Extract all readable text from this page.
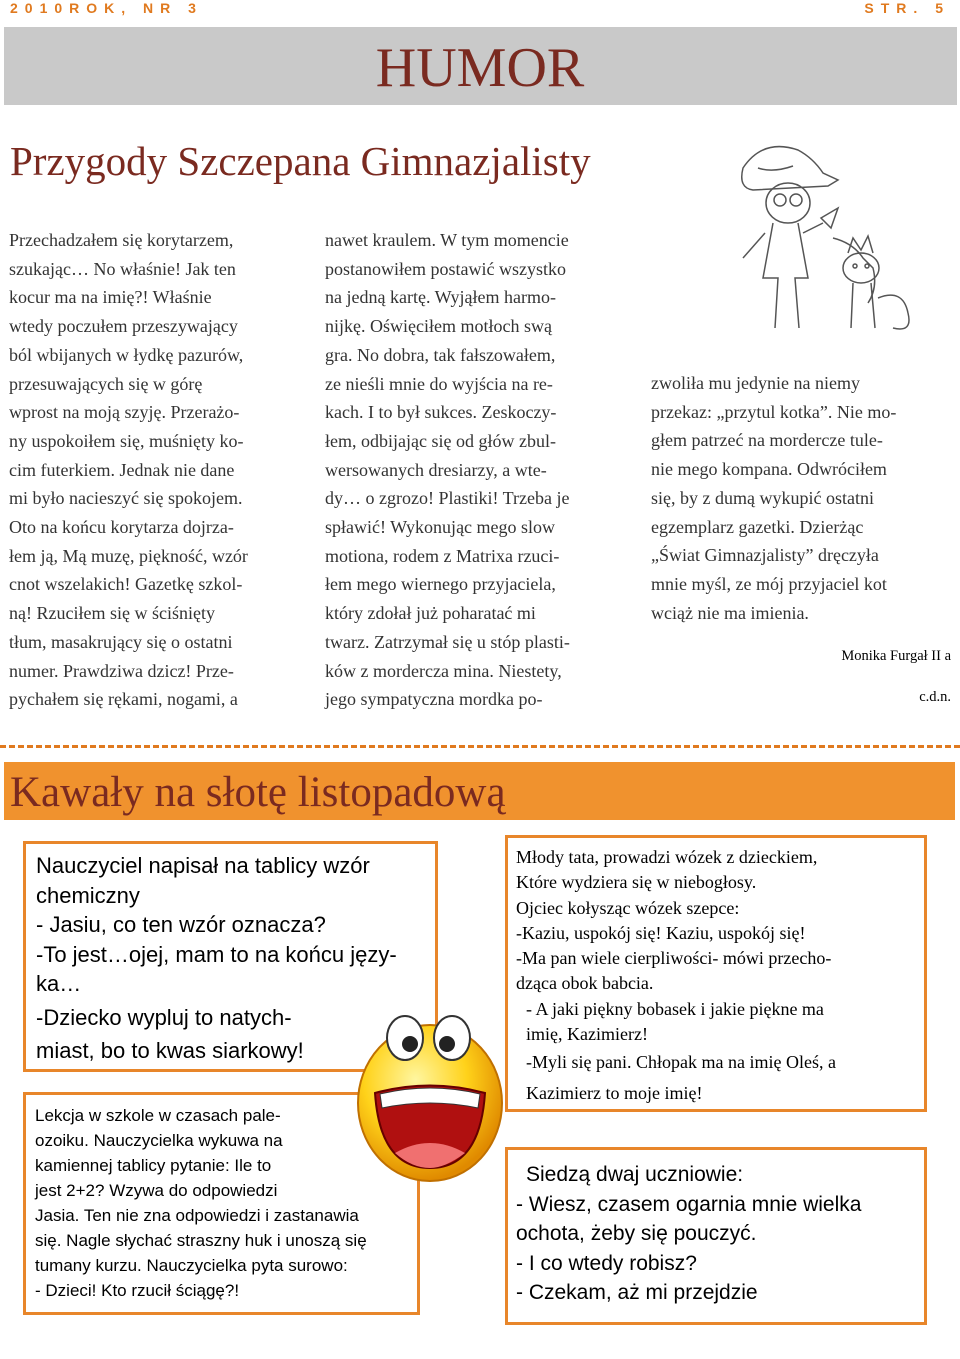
2010ROK, NR 3	STR. 5
HUMOR
Przygody Szczepana Gimnazjalisty
Przechadzałem się korytarzem,
szukając… No właśnie! Jak ten
kocur ma na imię?! Właśnie
wtedy poczułem przeszywający
ból wbijanych w łydkę pazurów,
przesuwających się w górę
wprost na moją szyję. Przerażo-
ny uspokoiłem się, muśnięty ko-
cim futerkiem. Jednak nie dane
mi było nacieszyć się spokojem.
Oto na końcu korytarza dojrza-
łem ją, Mą muzę, piękność, wzór
cnot wszelakich! Gazetkę szkol-
ną! Rzuciłem się w ściśnięty
tłum, masakrujący się o ostatni
numer. Prawdziwa dzicz! Prze-
pychałem się rękami, nogami, a
nawet kraulem. W tym momencie
postanowiłem postawić wszystko
na jedną kartę. Wyjąłem harmo-
nijkę. Oświęciłem motłoch swą
gra. No dobra, tak fałszowałem,
ze nieśli mnie do wyjścia na re-
kach. I to był sukces. Zeskoczy-
łem, odbijając się od głów zbul-
wersowanych dresiarzy, a wte-
dy… o zgrozo! Plastiki! Trzeba je
spławić! Wykonując mego slow
motiona, rodem z Matrixa rzuci-
łem mego wiernego przyjaciela,
który zdołał już poharatać mi
twarz. Zatrzymał się u stóp plasti-
ków z mordercza mina. Niestety,
jego sympatyczna mordka po-
zwoliła mu jedynie na niemy
przekaz: „przytul kotka”. Nie mo-
głem patrzeć na mordercze tule-
nie mego kompana. Odwróciłem
się, by z dumą wykupić ostatni
egzemplarz gazetki. Dzierżąc
„Świat Gimnazjalisty” dręczyła
mnie myśl, ze mój przyjaciel kot
wciąż nie ma imienia.
Monika Furgał II a
c.d.n.
Kawały na słotę listopadową
Nauczyciel napisał na tablicy wzór
chemiczny
- Jasiu, co ten wzór oznacza?
-To jest…ojej, mam to na końcu języ-
ka…
-Dziecko wypluj to natych-
miast, bo to kwas siarkowy!
Lekcja w szkole w czasach pale-
ozoiku. Nauczycielka wykuwa na
kamiennej tablicy pytanie: Ile to
jest 2+2? Wzywa do odpowiedzi
Jasia. Ten nie zna odpowiedzi i zastanawia
się. Nagle słychać straszny huk i unoszą się
tumany kurzu. Nauczycielka pyta surowo:
- Dzieci! Kto rzucił ściągę?!
Młody tata, prowadzi wózek z dzieckiem,
Które wydziera się w niebogłosy.
Ojciec kołysząc wózek szepce:
-Kaziu, uspokój się! Kaziu, uspokój się!
-Ma pan wiele cierpliwości- mówi przecho-
dząca obok babcia.
- A jaki piękny bobasek i jakie piękne ma
imię, Kazimierz!
-Myli się pani. Chłopak ma na imię Oleś, a
Kazimierz to moje imię!
Siedzą dwaj uczniowie:
- Wiesz, czasem ogarnia mnie wielka
ochota, żeby się pouczyć.
- I co wtedy robisz?
- Czekam, aż mi przejdzie
